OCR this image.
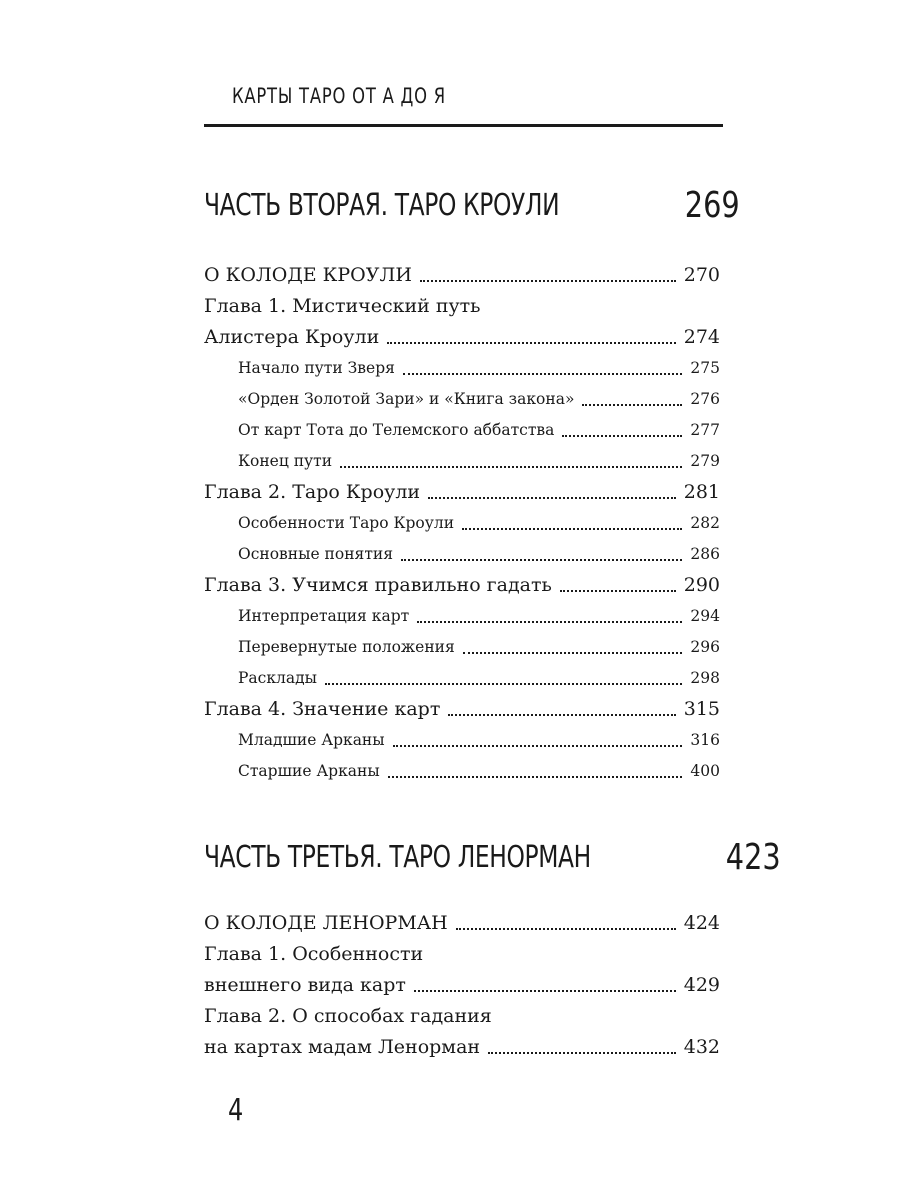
КАРТЫ ТАРО ОТ А ДО Я
ЧАСТЬ ВТОРАЯ. ТАРО КРОУЛИ	269
О КОЛОДЕ КРОУЛИ	270
Глава 1. Мистический путь
Алистера Кроули	274
Начало пути Зверя	275
«Орден Золотой Зари» и «Книга закона»	276
От карт Тота до Телемского аббатства	277
Конец пути	279
Глава 2. Таро Кроули	281
Особенности Таро Кроули	282
Основные понятия	286
Глава 3. Учимся правильно гадать	290
Интерпретация карт	294
Перевернутые положения	296
Расклады	298
Глава 4. Значение карт	315
Младшие Арканы	316
Старшие Арканы	400
ЧАСТЬ ТРЕТЬЯ. ТАРО ЛЕНОРМАН	423
О КОЛОДЕ ЛЕНОРМАН	424
Глава 1. Особенности
внешнего вида карт	429
Глава 2. О способах гадания
на картах мадам Ленорман	432
4
